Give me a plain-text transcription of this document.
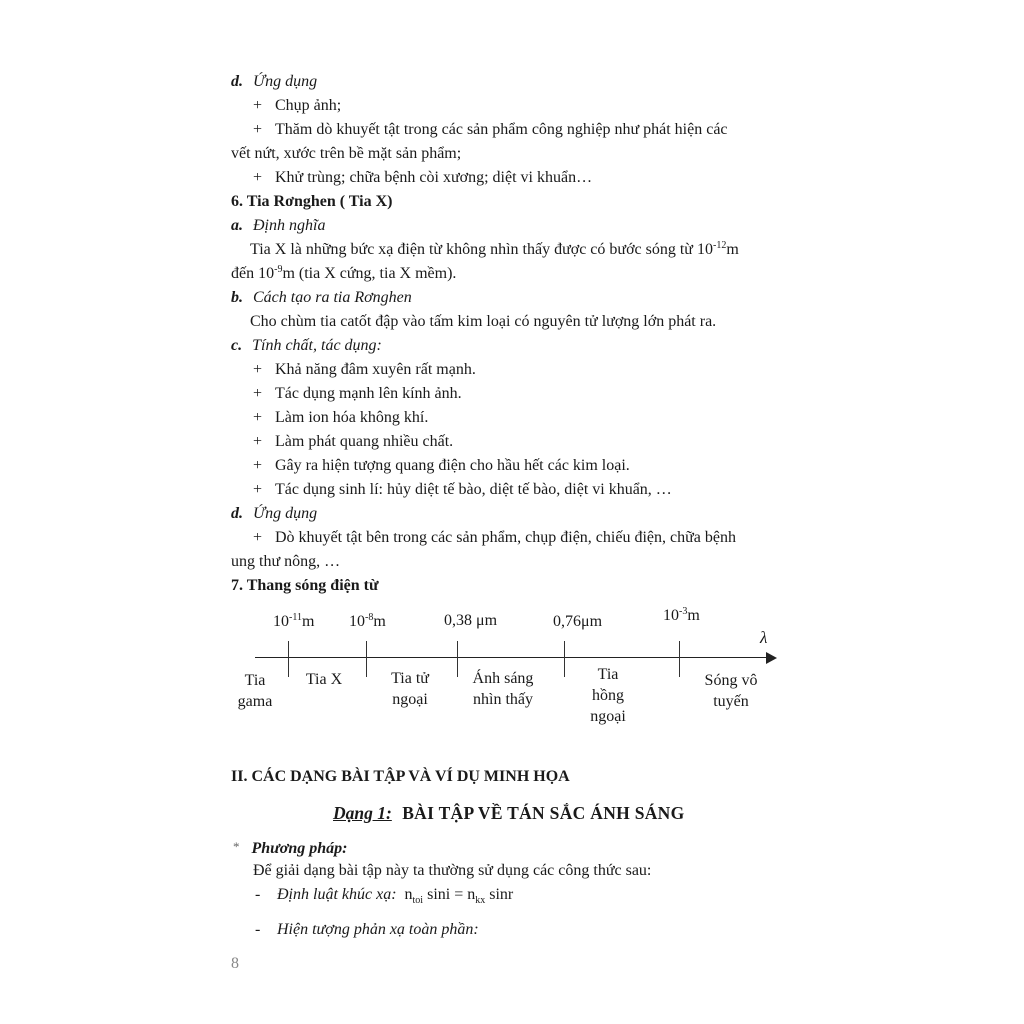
d. Ứng dụng
+ Chụp ảnh;
+ Thăm dò khuyết tật trong các sản phẩm công nghiệp như phát hiện các
vết nứt, xước trên bề mặt sản phẩm;
+ Khử trùng; chữa bệnh còi xương; diệt vi khuẩn…
6. Tia Rơnghen ( Tia X)
a. Định nghĩa
Tia X là những bức xạ điện từ không nhìn thấy được có bước sóng từ $10^{-12}m$
đến $10^{-9}m$ (tia X cứng, tia X mềm).
b. Cách tạo ra tia Rơnghen
Cho chùm tia catốt đập vào tấm kim loại có nguyên tử lượng lớn phát ra.
c. Tính chất, tác dụng:
+ Khả năng đâm xuyên rất mạnh.
+ Tác dụng mạnh lên kính ảnh.
+ Làm ion hóa không khí.
+ Làm phát quang nhiều chất.
+ Gây ra hiện tượng quang điện cho hầu hết các kim loại.
+ Tác dụng sinh lí: hủy diệt tế bào, diệt tế bào, diệt vi khuẩn, …
d. Ứng dụng
+ Dò khuyết tật bên trong các sản phẩm, chụp điện, chiếu điện, chữa bệnh
ung thư nông, …
7. Thang sóng điện từ
$10^{-11}m$ $10^{-8}m$	0,38 μm	0,76μm	$10^{-3}m$
λ
Tia gama
Tia X	Tia tử ngoại
Ánh sáng nhìn thấy
Tia hồng ngoại
Sóng vô tuyến
II. CÁC DẠNG BÀI TẬP VÀ VÍ DỤ MINH HỌA
Dạng 1: BÀI TẬP VỀ TÁN SẮC ÁNH SÁNG
* Phương pháp:
Để giải dạng bài tập này ta thường sử dụng các công thức sau:
- Định luật khúc xạ: $n_{toi}$ $\sin i = n_{kx}$ sinr
- Hiện tượng phản xạ toàn phần:
8
